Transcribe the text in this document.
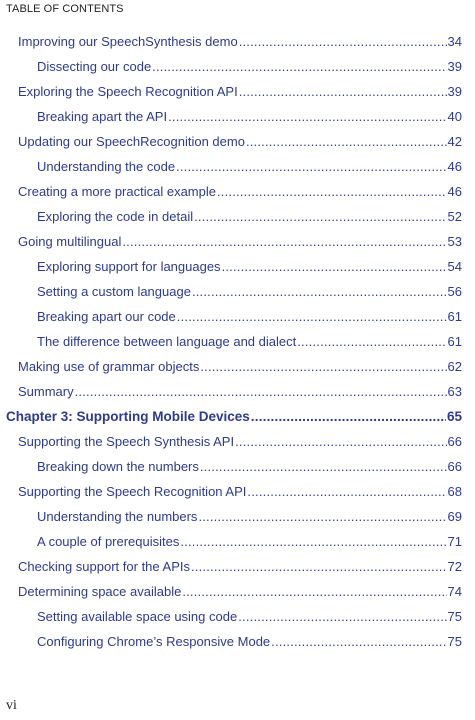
TABLE OF CONTENTS
Improving our SpeechSynthesis demo .....	34
Dissecting our code .....	39
Exploring the Speech Recognition API .....	39
Breaking apart the API .....	40
Updating our SpeechRecognition demo .....	42
Understanding the code .....	46
Creating a more practical example .....	46
Exploring the code in detail .....	52
Going multilingual .....	53
Exploring support for languages .....	54
Setting a custom language .....	56
Breaking apart our code .....	61
The difference between language and dialect .....	61
Making use of grammar objects .....	62
Summary .....	63
Chapter 3: Supporting Mobile Devices .....	65
Supporting the Speech Synthesis API .....	66
Breaking down the numbers .....	66
Supporting the Speech Recognition API .....	68
Understanding the numbers .....	69
A couple of prerequisites .....	71
Checking support for the APIs .....	72
Determining space available .....	74
Setting available space using code .....	75
Configuring Chrome’s Responsive Mode .....	75
vi
